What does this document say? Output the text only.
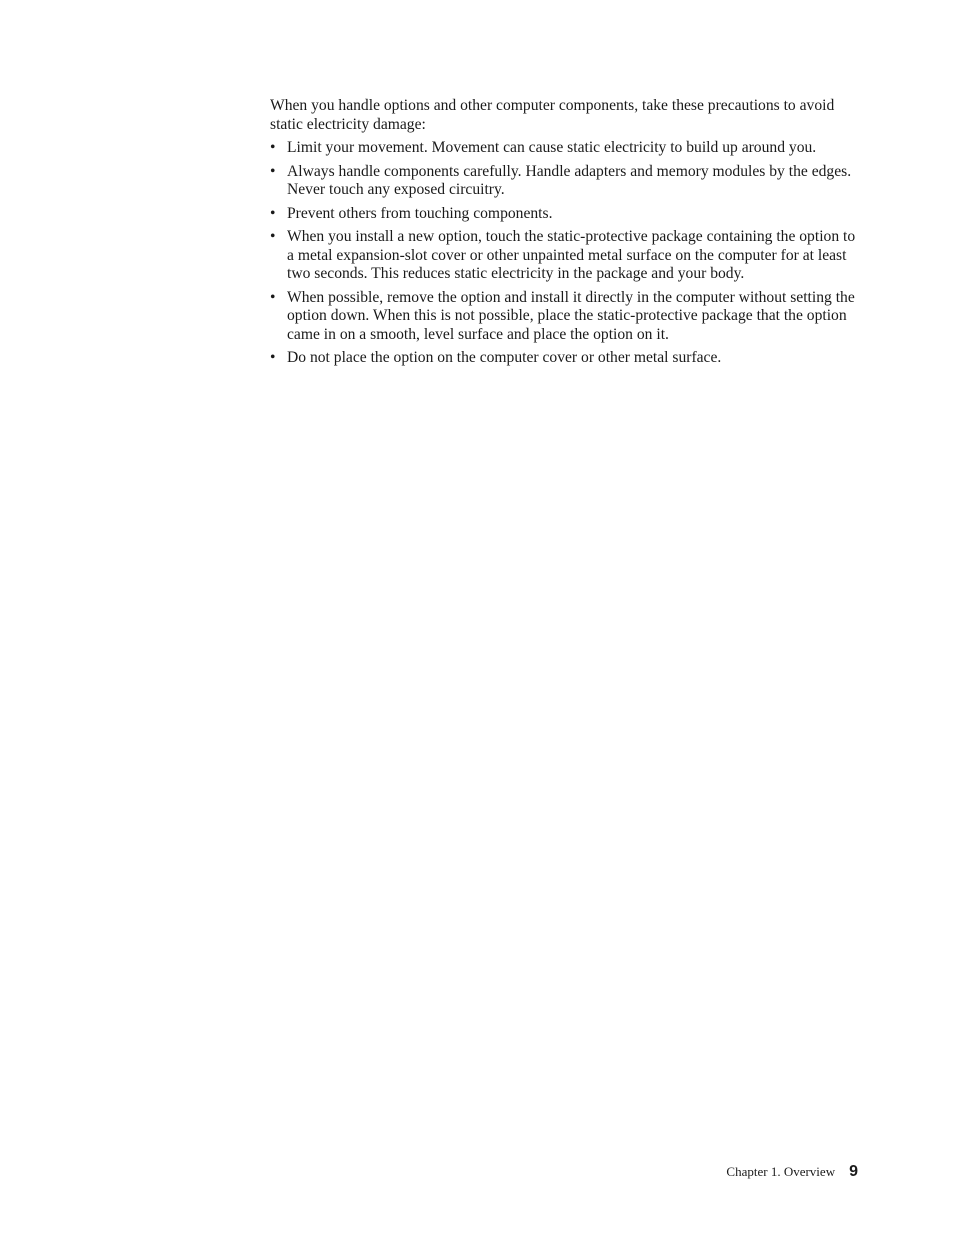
When you handle options and other computer components, take these precautions to avoid static electricity damage:

• Limit your movement. Movement can cause static electricity to build up around you.
• Always handle components carefully. Handle adapters and memory modules by the edges. Never touch any exposed circuitry.
• Prevent others from touching components.
• When you install a new option, touch the static-protective package containing the option to a metal expansion-slot cover or other unpainted metal surface on the computer for at least two seconds. This reduces static electricity in the package and your body.
• When possible, remove the option and install it directly in the computer without setting the option down. When this is not possible, place the static-protective package that the option came in on a smooth, level surface and place the option on it.
• Do not place the option on the computer cover or other metal surface.
Chapter 1. Overview 9
